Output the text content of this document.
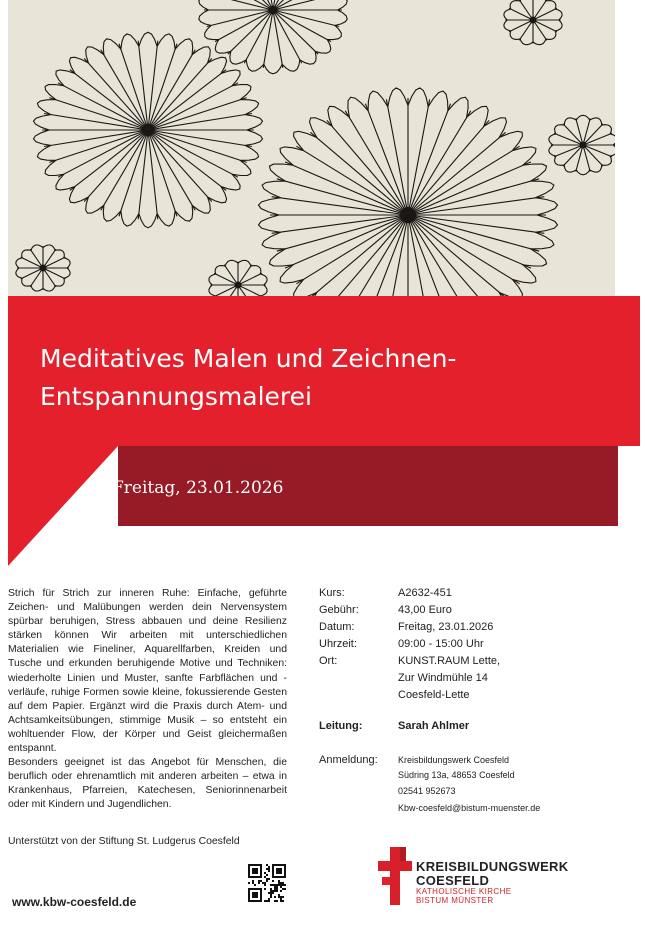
Meditatives Malen und Zeichnen-
Entspannungsmalerei
Freitag, 23.01.2026

Strich für Strich zur inneren Ruhe: Einfache, geführte Zeichen- und Malübungen werden dein Nervensystem spürbar beruhigen, Stress abbauen und deine Resilienz stärken können Wir arbeiten mit unterschiedlichen Materialien wie Fineliner, Aquarellfarben, Kreiden und Tusche und erkunden beruhigende Motive und Techniken: wiederholte Linien und Muster, sanfte Farbflächen und -verläufe, ruhige Formen sowie kleine, fokussierende Gesten auf dem Papier. Ergänzt wird die Praxis durch Atem- und Achtsamkeitsübungen, stimmige Musik – so entsteht ein wohltuender Flow, der Körper und Geist gleichermaßen entspannt.

Besonders geeignet ist das Angebot für Menschen, die beruflich oder ehrenamtlich mit anderen arbeiten – etwa in Krankenhaus, Pfarreien, Katechesen, Seniorinnenarbeit oder mit Kindern und Jugendlichen.

Unterstützt von der Stiftung St. Ludgerus Coesfeld
www.kbw-coesfeld.de
Kurs:	A2632-451
Gebühr:	43,00 Euro
Datum:	Freitag, 23.01.2026
Uhrzeit:	09:00 - 15:00 Uhr
Ort:	KUNST.RAUM Lette,
Zur Windmühle 14
Coesfeld-Lette
Leitung:	Sarah Ahlmer
Anmeldung: Kreisbildungswerk Coesfeld
Südring 13a, 48653 Coesfeld
02541 952673
Kbw-coesfeld@bistum-muenster.de
KREISBILDUNGSWERK
COESFELD
KATHOLISCHE KIRCHE
BISTUM MÜNSTER
